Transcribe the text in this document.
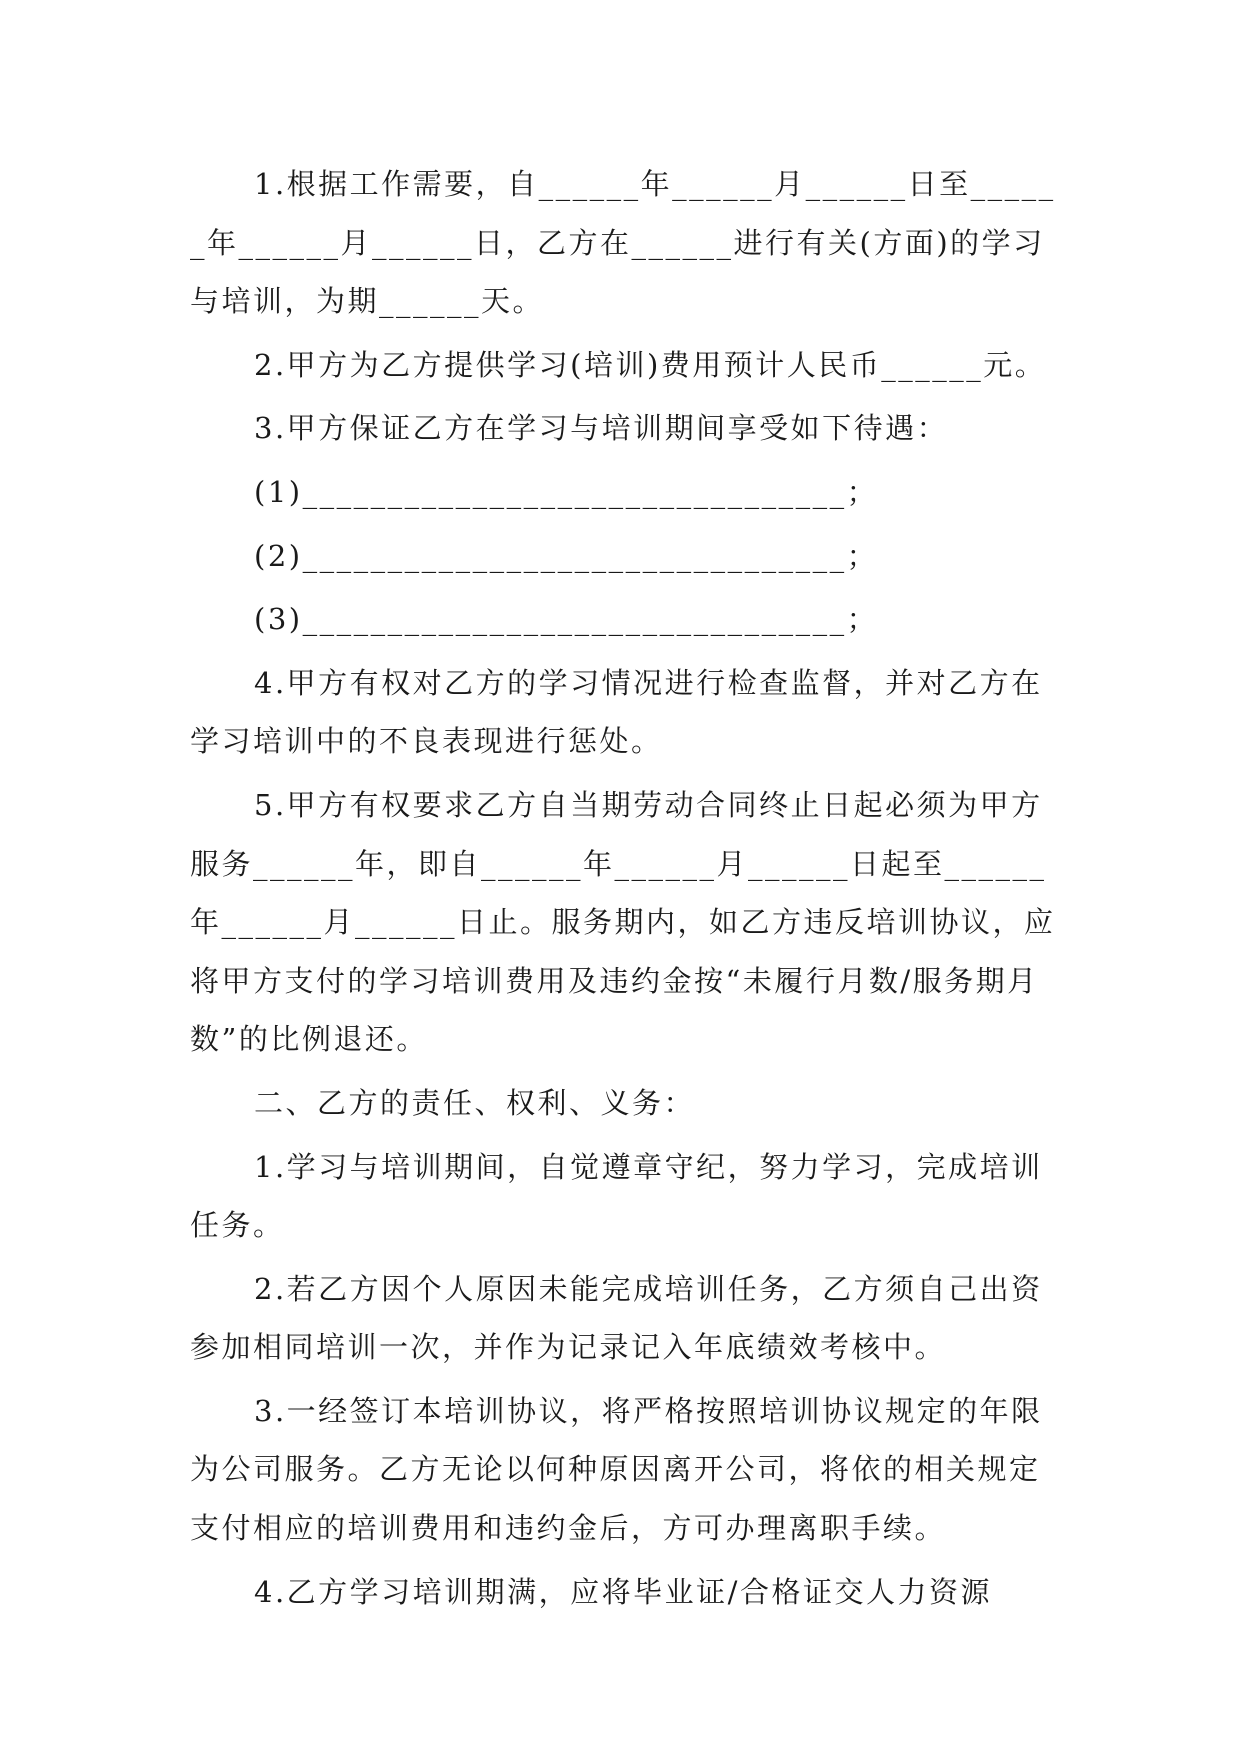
1.根据工作需要，自______年______月______日至______年______月______日，乙方在______进行有关(方面)的学习与培训，为期______天。

2.甲方为乙方提供学习(培训)费用预计人民币______元。

3.甲方保证乙方在学习与培训期间享受如下待遇：

(1)________________________________；

(2)________________________________；

(3)________________________________；

4.甲方有权对乙方的学习情况进行检查监督，并对乙方在学习培训中的不良表现进行惩处。

5.甲方有权要求乙方自当期劳动合同终止日起必须为甲方服务______年，即自______年______月______日起至______年______月______日止。服务期内，如乙方违反培训协议，应将甲方支付的学习培训费用及违约金按“未履行月数/服务期月数”的比例退还。

二、乙方的责任、权利、义务：

1.学习与培训期间，自觉遵章守纪，努力学习，完成培训任务。

2.若乙方因个人原因未能完成培训任务，乙方须自己出资参加相同培训一次，并作为记录记入年底绩效考核中。

3.一经签订本培训协议，将严格按照培训协议规定的年限为公司服务。乙方无论以何种原因离开公司，将依的相关规定支付相应的培训费用和违约金后，方可办理离职手续。

4.乙方学习培训期满，应将毕业证/合格证交人力资源
